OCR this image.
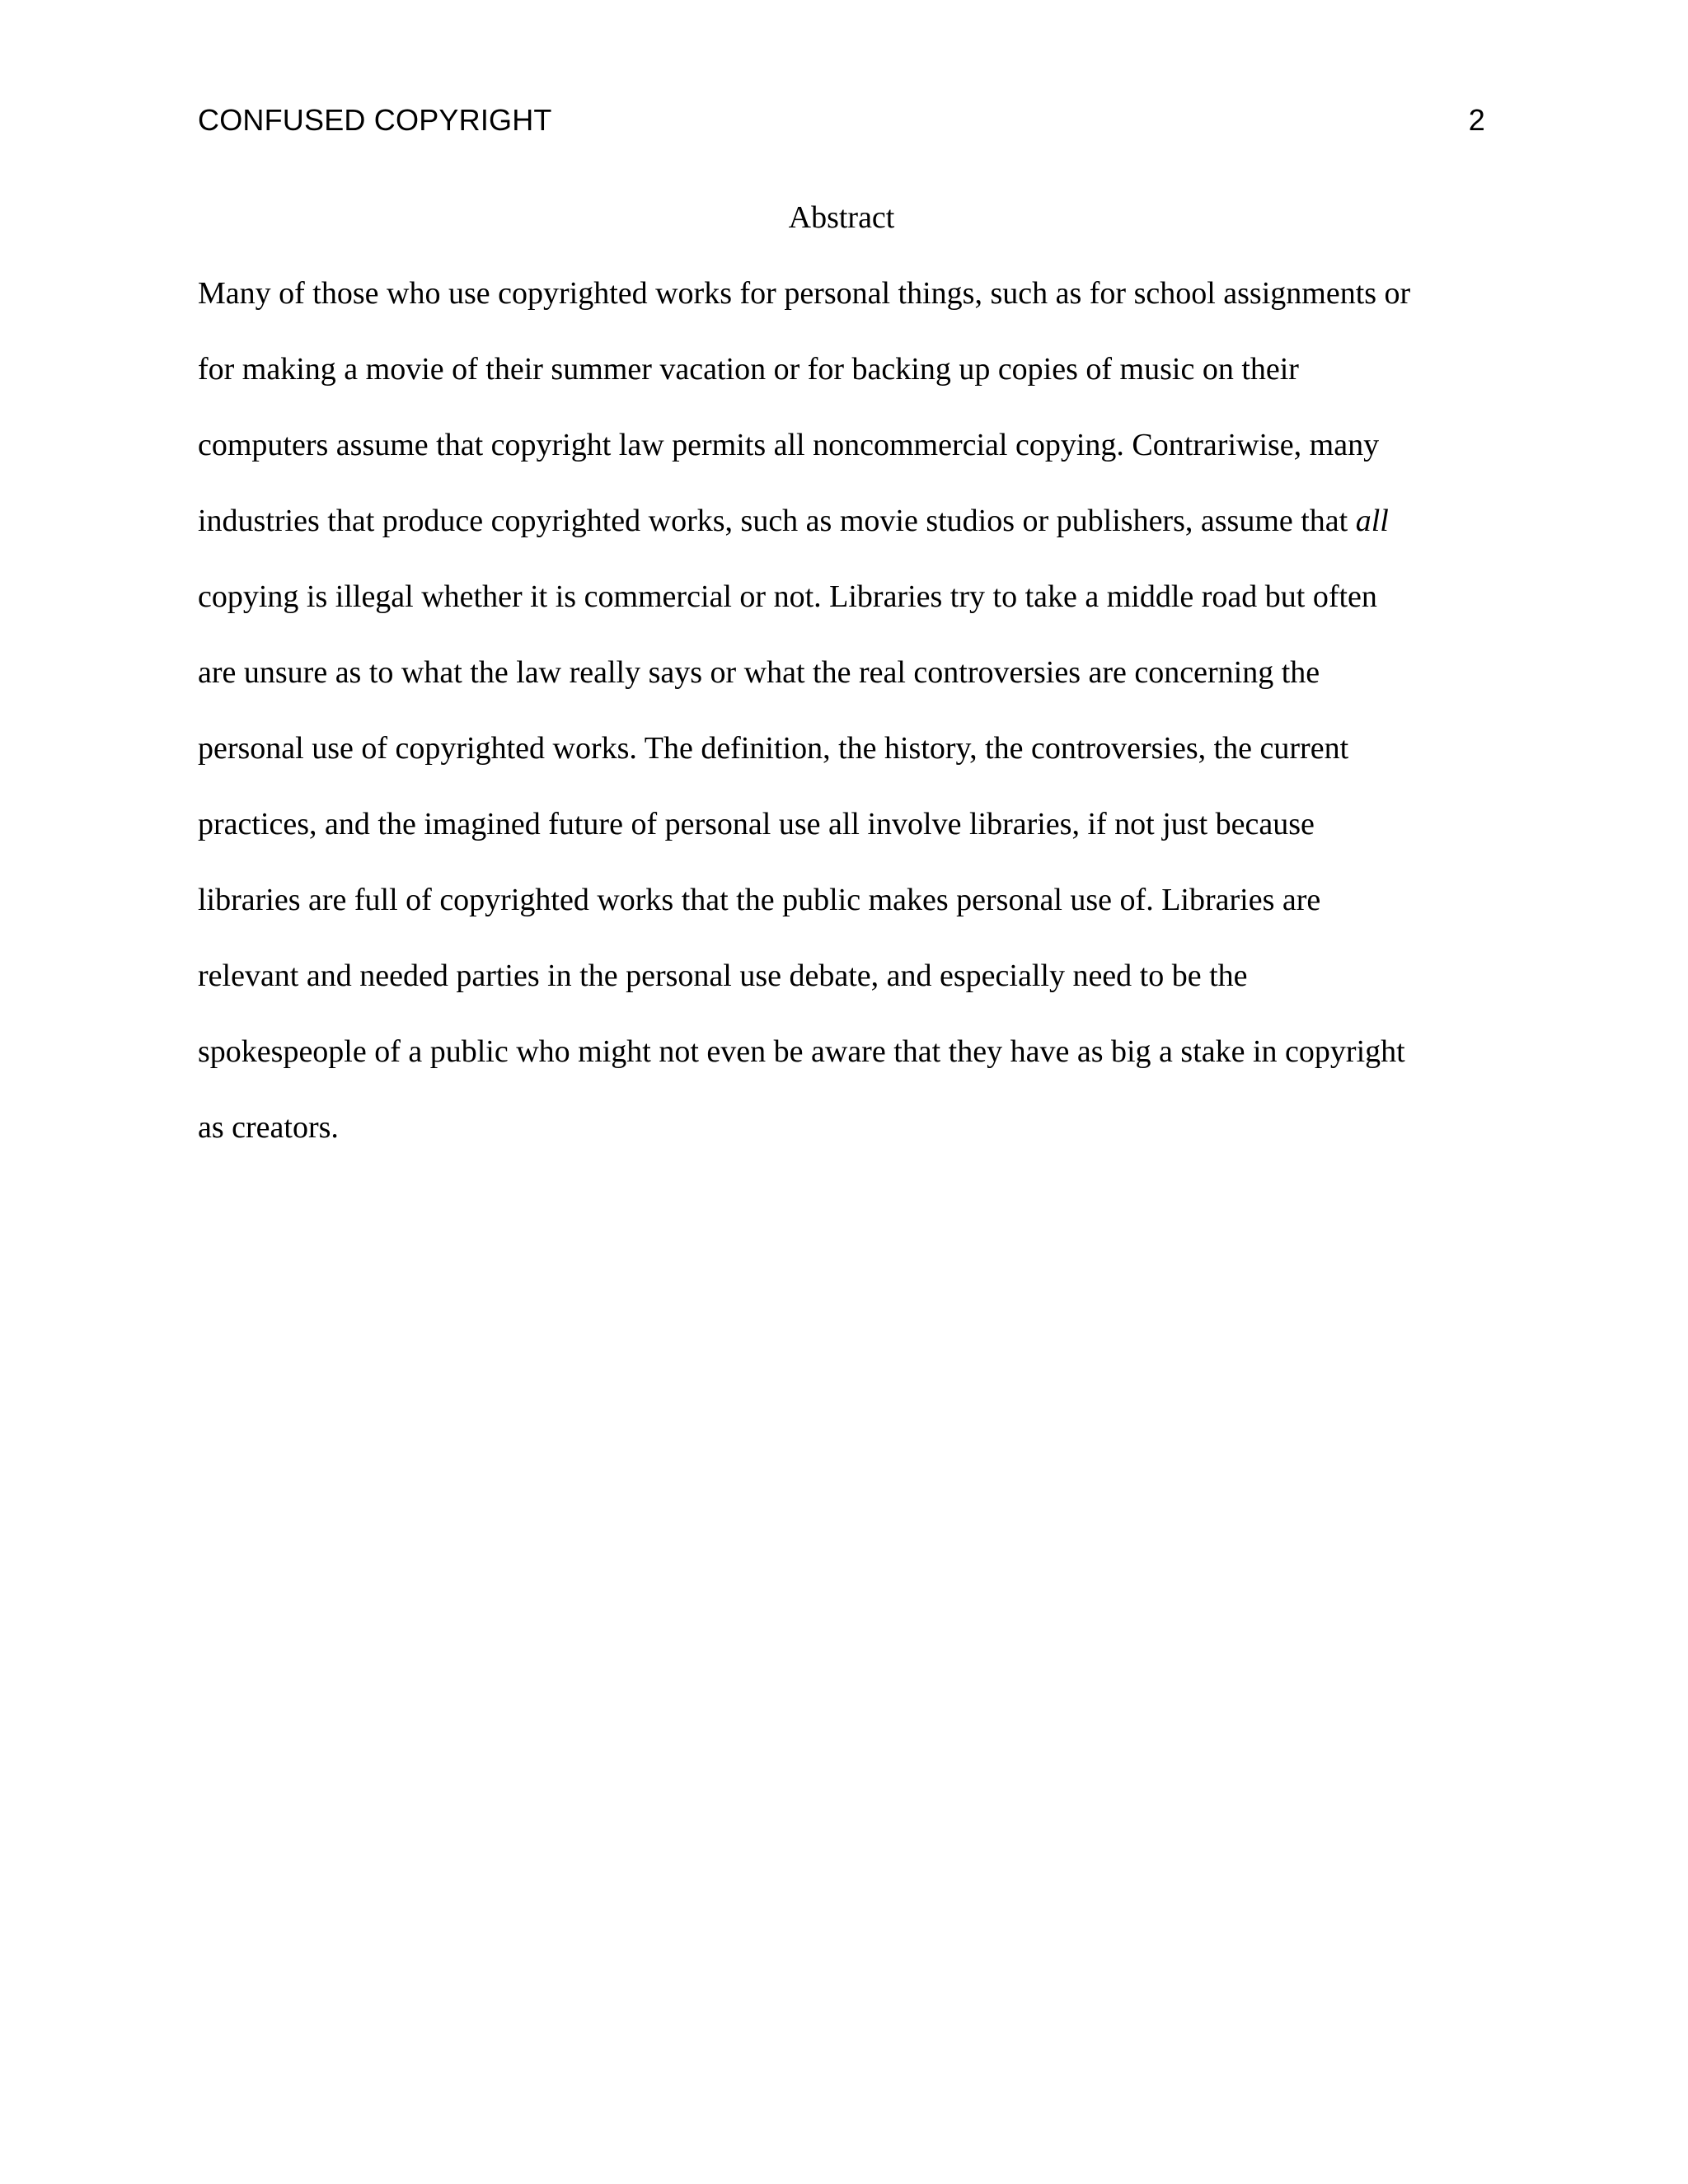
CONFUSED COPYRIGHT	2
Abstract
Many of those who use copyrighted works for personal things, such as for school assignments or
for making a movie of their summer vacation or for backing up copies of music on their
computers assume that copyright law permits all noncommercial copying. Contrariwise, many
industries that produce copyrighted works, such as movie studios or publishers, assume that all
copying is illegal whether it is commercial or not. Libraries try to take a middle road but often
are unsure as to what the law really says or what the real controversies are concerning the
personal use of copyrighted works. The definition, the history, the controversies, the current
practices, and the imagined future of personal use all involve libraries, if not just because
libraries are full of copyrighted works that the public makes personal use of. Libraries are
relevant and needed parties in the personal use debate, and especially need to be the
spokespeople of a public who might not even be aware that they have as big a stake in copyright
as creators.
